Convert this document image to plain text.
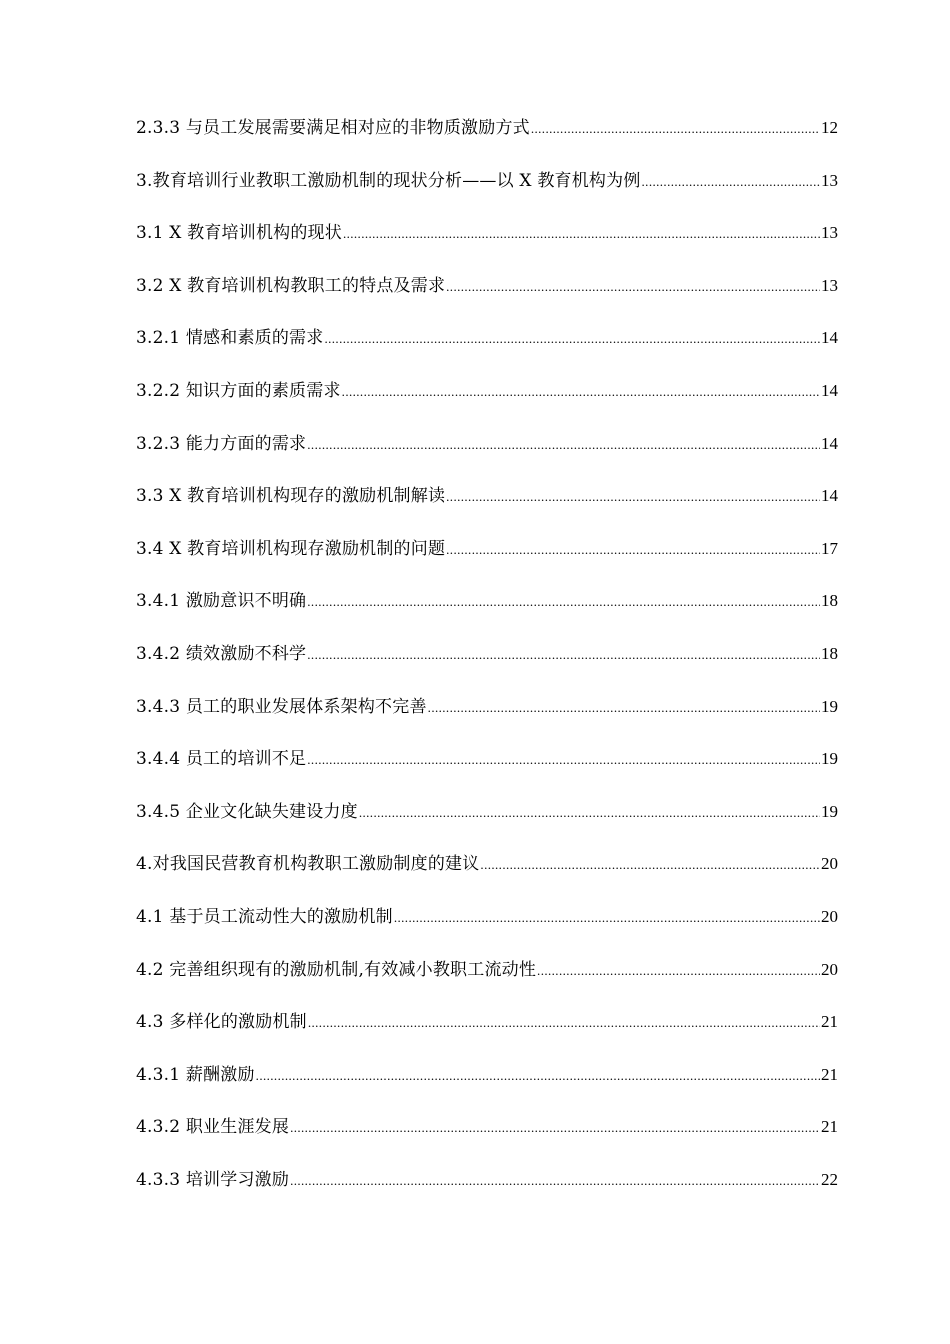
2.3.3 与员工发展需要满足相对应的非物质激励方式 .....	12
3.教育培训行业教职工激励机制的现状分析——以 X 教育机构为例 .....	13
3.1 X 教育培训机构的现状 .....	13
3.2 X 教育培训机构教职工的特点及需求 .....	13
3.2.1 情感和素质的需求 .....	14
3.2.2 知识方面的素质需求 .....	14
3.2.3 能力方面的需求 .....	14
3.3 X 教育培训机构现存的激励机制解读 .....	14
3.4 X 教育培训机构现存激励机制的问题 .....	17
3.4.1 激励意识不明确 .....	18
3.4.2 绩效激励不科学 .....	18
3.4.3 员工的职业发展体系架构不完善 .....	19
3.4.4 员工的培训不足 .....	19
3.4.5 企业文化缺失建设力度 .....	19
4.对我国民营教育机构教职工激励制度的建议 .....	20
4.1 基于员工流动性大的激励机制 .....	20
4.2 完善组织现有的激励机制,有效减小教职工流动性 .....	20
4.3 多样化的激励机制 .....	21
4.3.1 薪酬激励 .....	21
4.3.2 职业生涯发展 .....	21
4.3.3 培训学习激励 .....	22
